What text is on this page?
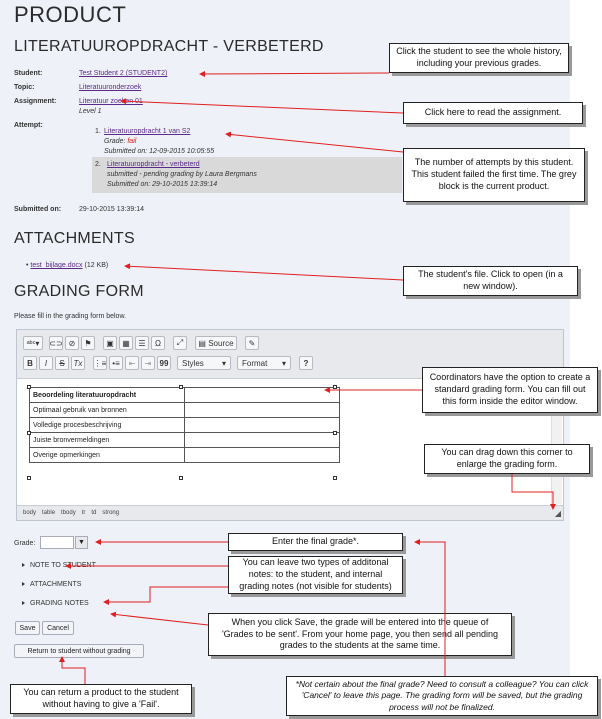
PRODUCT
LITERATUUROPDRACHT - VERBETERD
Student:	Test Student 2 (STUDENT2)
Topic:	Literatuuronderzoek
Assignment:	Literatuur zoeken 01
Level 1
Attempt:
1. Literatuuropdracht 1 van S2
Grade: fail
Submitted on: 12-09-2015 10:05:55
2. Literatuuropdracht - verbeterd
submitted - pending grading by Laura Bergmans
Submitted on: 29-10-2015 13:39:14
Submitted on:	29-10-2015 13:39:14
ATTACHMENTS
• test_bijlage.docx (12 KB)
GRADING FORM
Please fill in the grading form below.
ᵃᵇᶜ▾	⊂⊃ ⊘	⚑	▣	▦	☰	Ω	⤢	▤ Source	✎
B	I	S	Tx	⋮≡ •≡	⇤	⇥	99	Styles ▾ Format ▾	?
Beoordeling literatuuropdracht	
Optimaal gebruik van bronnen	
Volledige procesbeschrijving	
Juiste bronvermeldingen	
Overige opmerkingen	
body table tbody tr td strong	◢
Grade:	▼
NOTE TO STUDENT
ATTACHMENTS
GRADING NOTES
Save	Cancel
Return to student without grading
Click the student to see the whole history, including your previous grades.
Click here to read the assignment.
The number of attempts by this student. This student failed the first time. The grey block is the current product.
The student's file. Click to open (in a new window).
Coordinators have the option to create a standard grading form. You can fill out this form inside the editor window.
You can drag down this corner to enlarge the grading form.
Enter the final grade*.
You can leave two types of additonal notes: to the student, and internal grading notes (not visible for students)
When you click Save, the grade will be entered into the queue of 'Grades to be sent'. From your home page, you then send all pending grades to the students at the same time.
You can return a product to the student without having to give a 'Fail'.
*Not certain about the final grade? Need to consult a colleague? You can click 'Cancel' to leave this page. The grading form will be saved, but the grading process will not be finalized.
